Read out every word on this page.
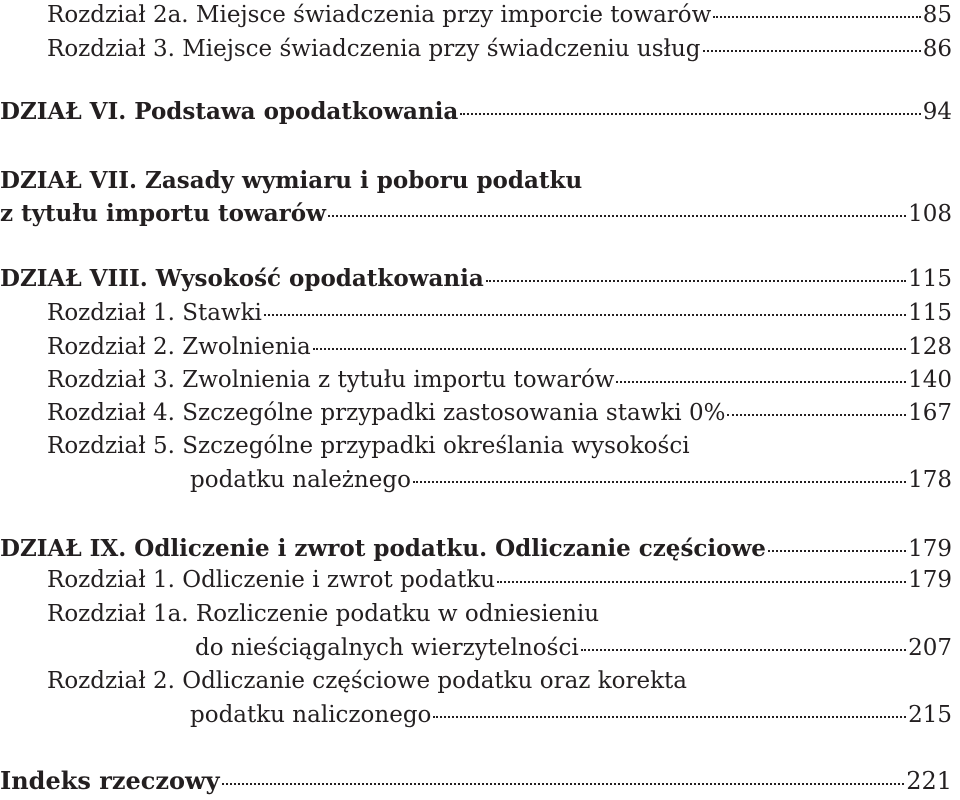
Rozdział 2a. Miejsce świadczenia przy imporcie towarów	85
Rozdział 3. Miejsce świadczenia przy świadczeniu usług	86
DZIAŁ VI. Podstawa opodatkowania	94
DZIAŁ VII. Zasady wymiaru i poboru podatku
z tytułu importu towarów	108
DZIAŁ VIII. Wysokość opodatkowania	115
Rozdział 1. Stawki	115
Rozdział 2. Zwolnienia	128
Rozdział 3. Zwolnienia z tytułu importu towarów	140
Rozdział 4. Szczególne przypadki zastosowania stawki 0%	167
Rozdział 5. Szczególne przypadki określania wysokości
podatku należnego	178
DZIAŁ IX. Odliczenie i zwrot podatku. Odliczanie częściowe	179
Rozdział 1. Odliczenie i zwrot podatku	179
Rozdział 1a. Rozliczenie podatku w odniesieniu
do nieściągalnych wierzytelności	207
Rozdział 2. Odliczanie częściowe podatku oraz korekta
podatku naliczonego	215
Indeks rzeczowy	221
